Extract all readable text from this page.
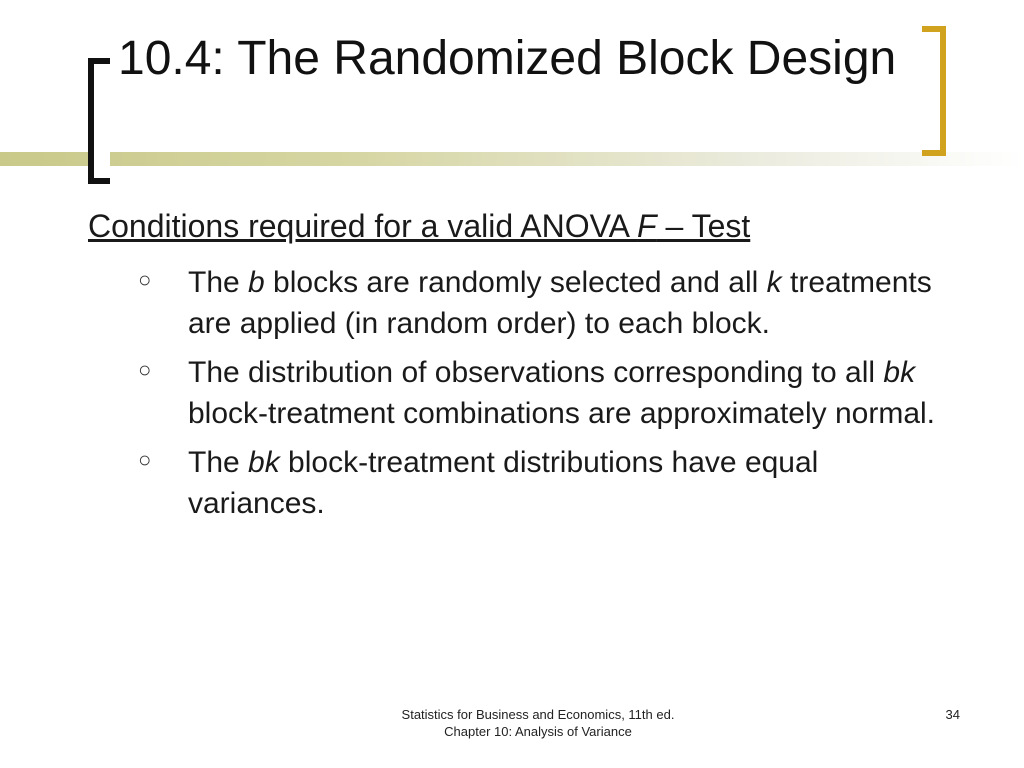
10.4: The Randomized Block Design
Conditions required for a valid ANOVA F – Test
○ The b blocks are randomly selected and all k treatments are applied (in random order) to each block.
○ The distribution of observations corresponding to all bk block-treatment combinations are approximately normal.
○ The bk block-treatment distributions have equal variances.
Statistics for Business and Economics, 11th ed.
Chapter 10: Analysis of Variance
34
